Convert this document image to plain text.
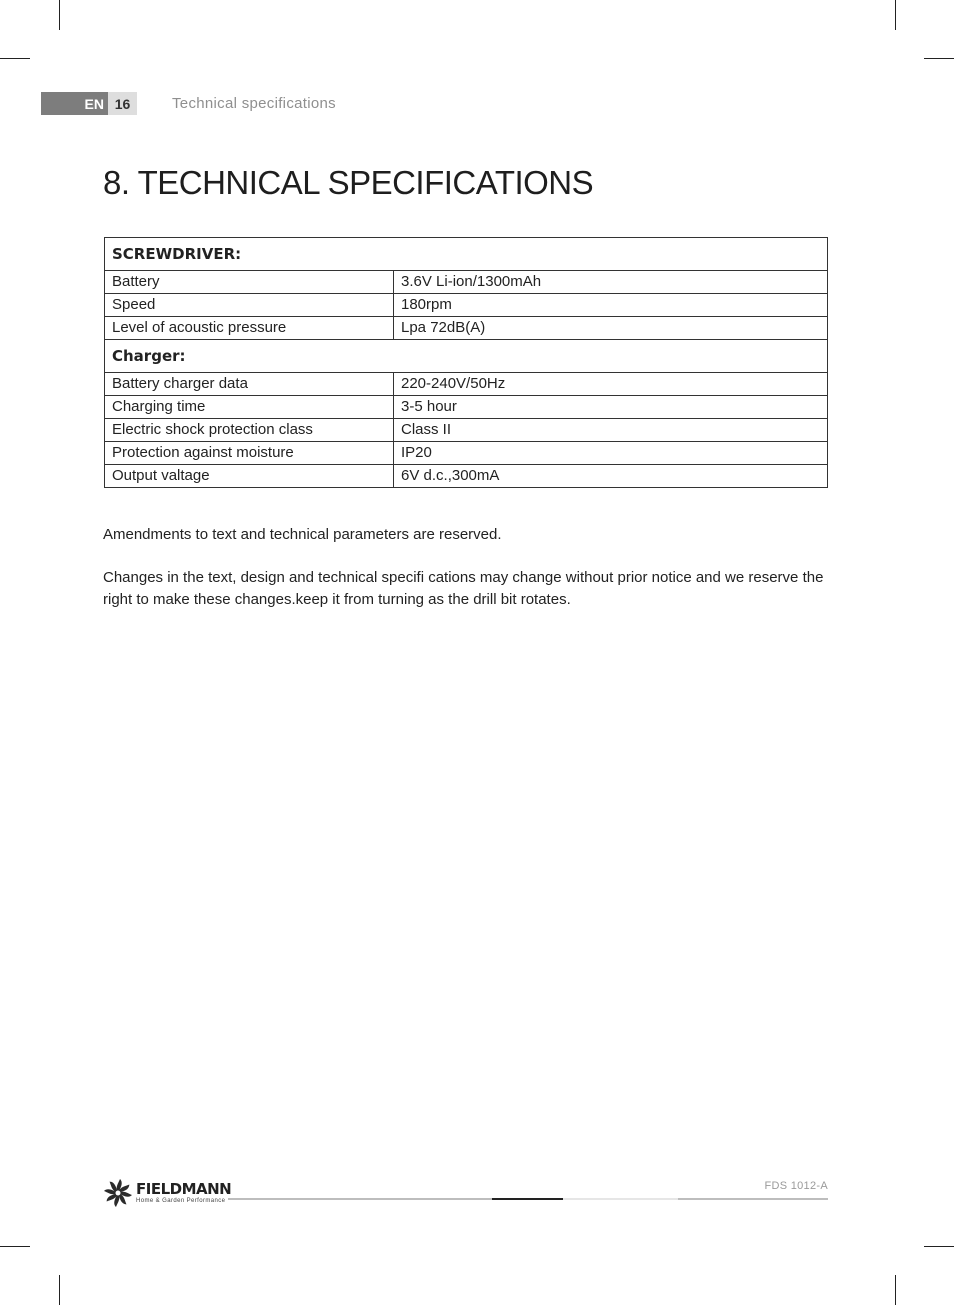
EN 16	Technical specifications
8. TECHNICAL SPECIFICATIONS
SCREWDRIVER:	
Battery	3.6V Li-ion/1300mAh
Speed	180rpm
Level of acoustic pressure	Lpa 72dB(A)
Charger:	
Battery charger data	220-240V/50Hz
Charging time	3-5 hour
Electric shock protection class	Class II
Protection against moisture	IP20
Output valtage	6V d.c.,300mA

Amendments to text and technical parameters are reserved.

Changes in the text, design and technical specifi cations may change without prior notice and we reserve the right to make these changes.keep it from turning as the drill bit rotates.

FIELDMANN
Home & Garden Performance
FDS 1012-A
